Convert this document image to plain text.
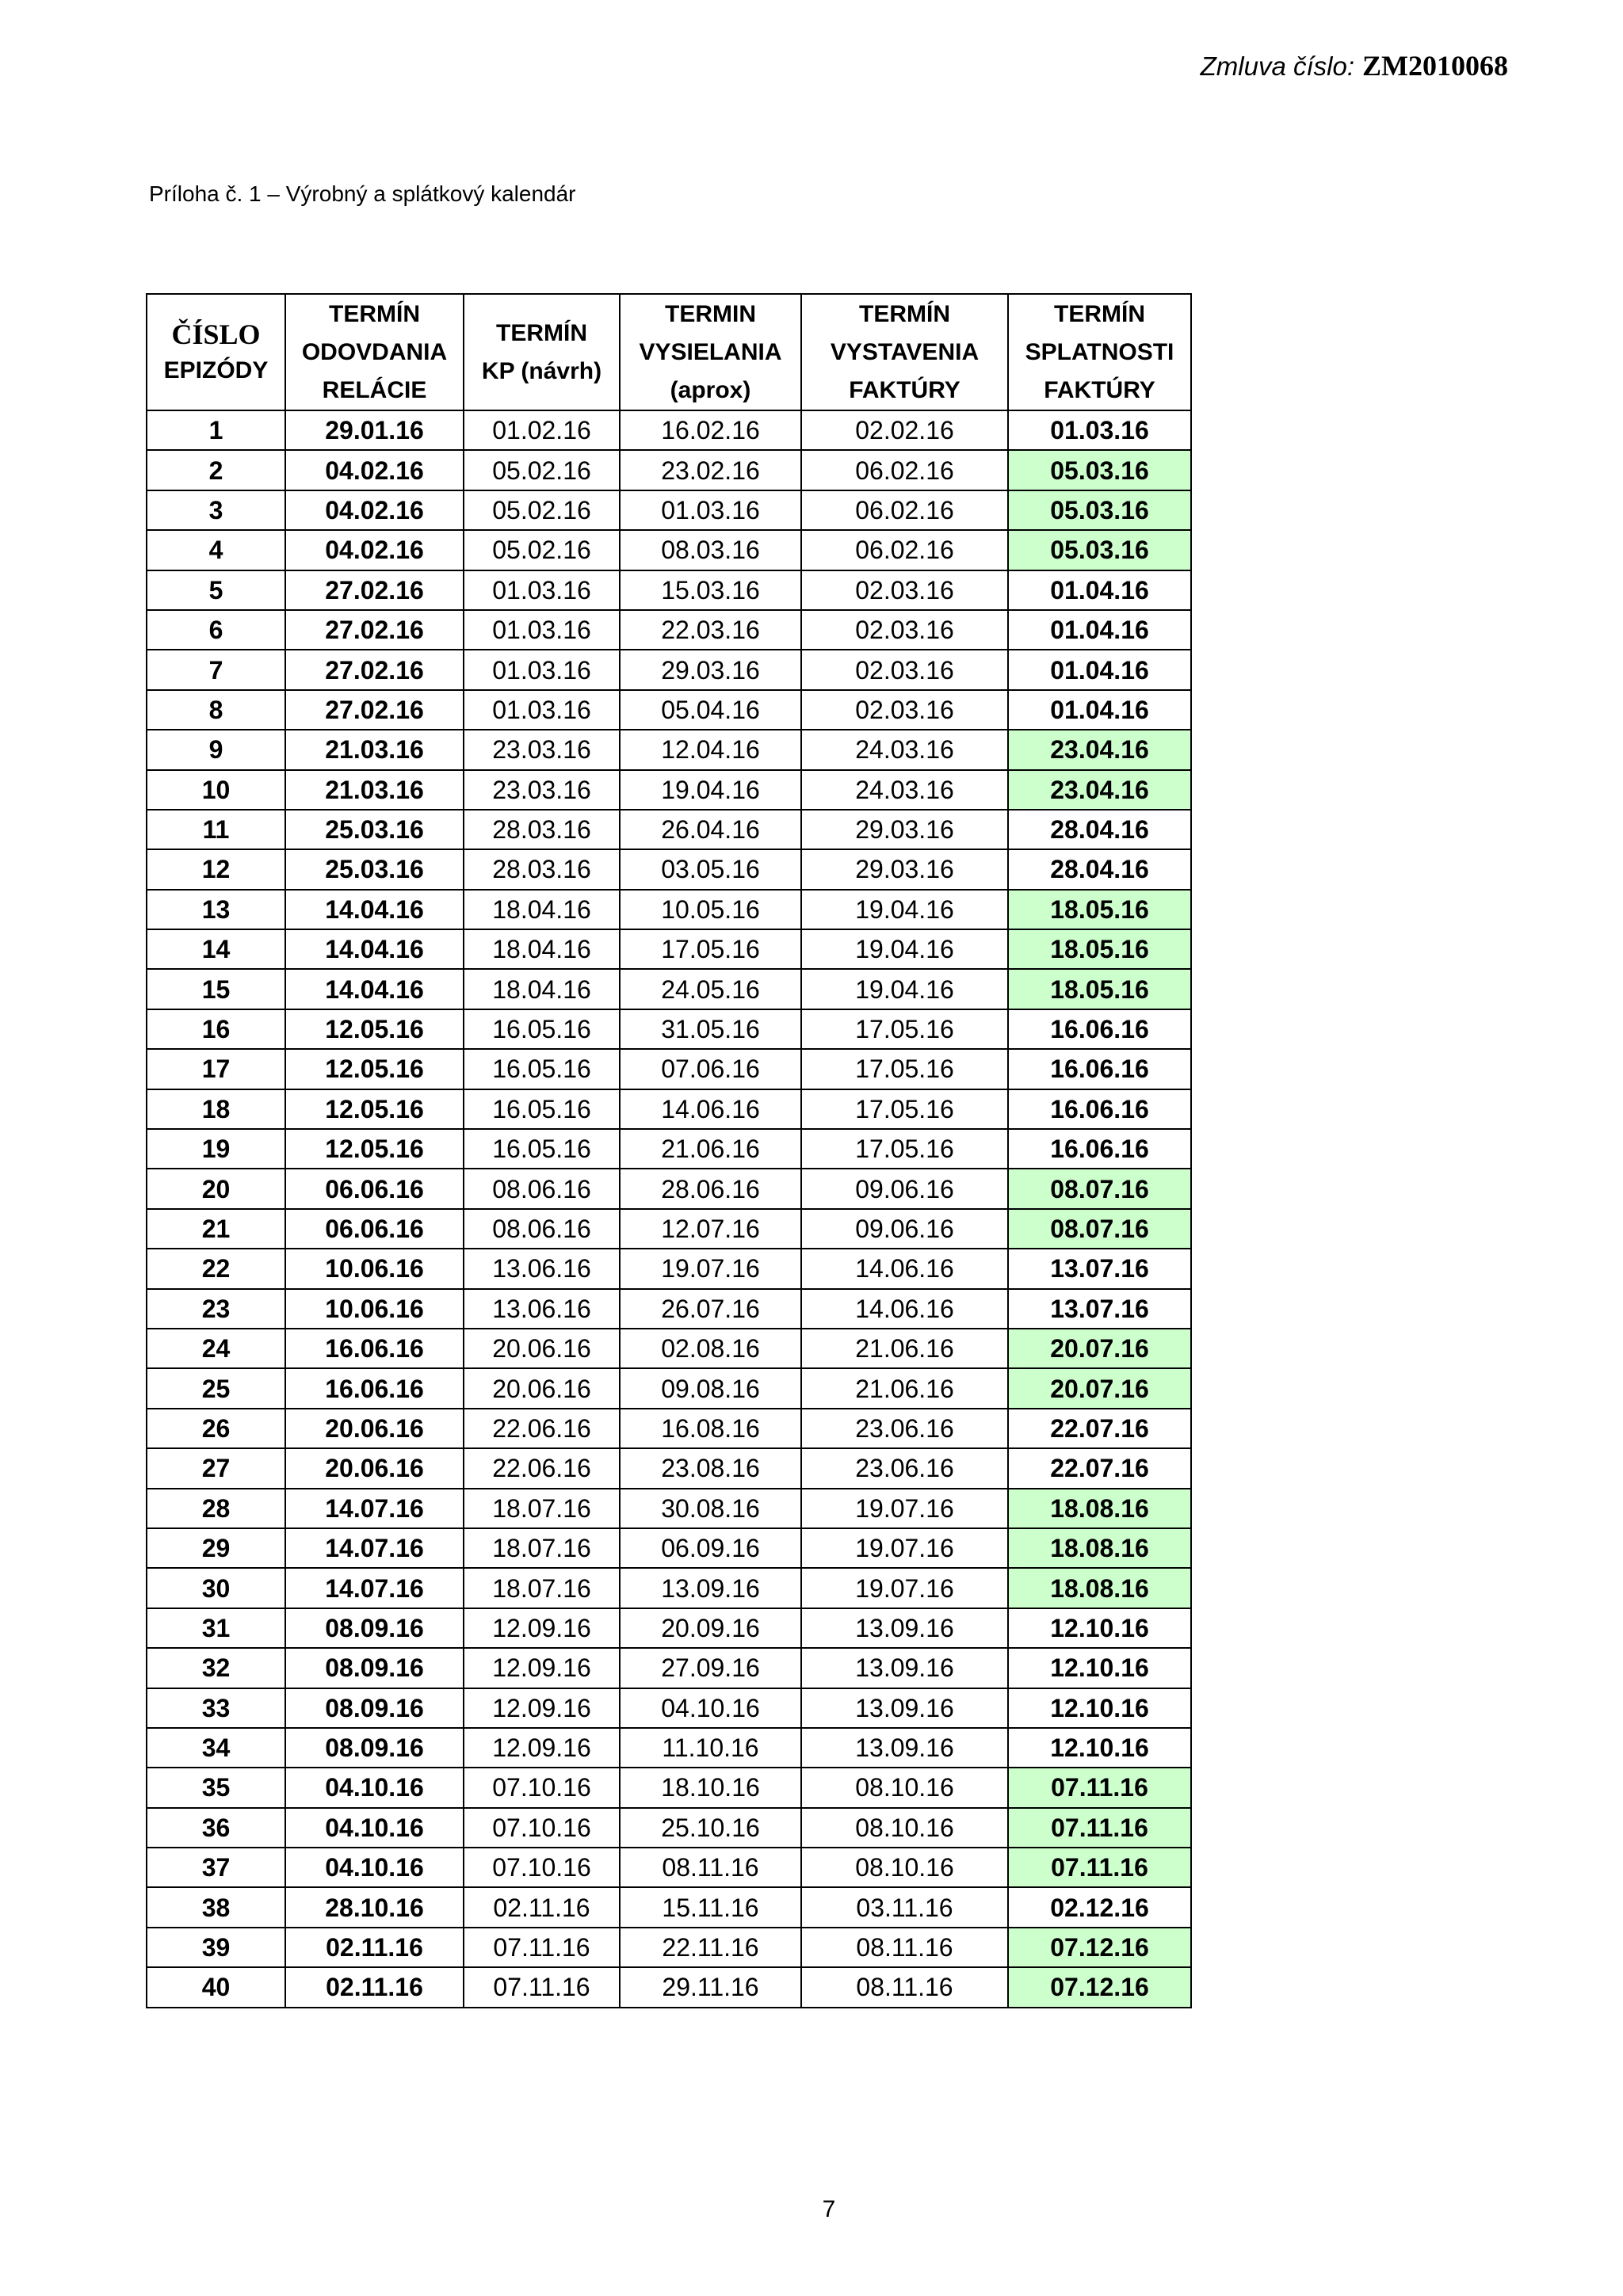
Zmluva číslo: ZM2010068
Príloha č. 1 – Výrobný a splátkový kalendár
ČÍSLO
EPIZÓDY	TERMÍN
ODOVDANIA
RELÁCIE	TERMÍN
KP (návrh)	TERMIN
VYSIELANIA
(aprox)	TERMÍN
VYSTAVENIA
FAKTÚRY	TERMÍN
SPLATNOSTI
FAKTÚRY

1	29.01.16	01.02.16	16.02.16	02.02.16	01.03.16
2	04.02.16	05.02.16	23.02.16	06.02.16	05.03.16
3	04.02.16	05.02.16	01.03.16	06.02.16	05.03.16
4	04.02.16	05.02.16	08.03.16	06.02.16	05.03.16
5	27.02.16	01.03.16	15.03.16	02.03.16	01.04.16
6	27.02.16	01.03.16	22.03.16	02.03.16	01.04.16
7	27.02.16	01.03.16	29.03.16	02.03.16	01.04.16
8	27.02.16	01.03.16	05.04.16	02.03.16	01.04.16
9	21.03.16	23.03.16	12.04.16	24.03.16	23.04.16
10	21.03.16	23.03.16	19.04.16	24.03.16	23.04.16
11	25.03.16	28.03.16	26.04.16	29.03.16	28.04.16
12	25.03.16	28.03.16	03.05.16	29.03.16	28.04.16
13	14.04.16	18.04.16	10.05.16	19.04.16	18.05.16
14	14.04.16	18.04.16	17.05.16	19.04.16	18.05.16
15	14.04.16	18.04.16	24.05.16	19.04.16	18.05.16
16	12.05.16	16.05.16	31.05.16	17.05.16	16.06.16
17	12.05.16	16.05.16	07.06.16	17.05.16	16.06.16
18	12.05.16	16.05.16	14.06.16	17.05.16	16.06.16
19	12.05.16	16.05.16	21.06.16	17.05.16	16.06.16
20	06.06.16	08.06.16	28.06.16	09.06.16	08.07.16
21	06.06.16	08.06.16	12.07.16	09.06.16	08.07.16
22	10.06.16	13.06.16	19.07.16	14.06.16	13.07.16
23	10.06.16	13.06.16	26.07.16	14.06.16	13.07.16
24	16.06.16	20.06.16	02.08.16	21.06.16	20.07.16
25	16.06.16	20.06.16	09.08.16	21.06.16	20.07.16
26	20.06.16	22.06.16	16.08.16	23.06.16	22.07.16
27	20.06.16	22.06.16	23.08.16	23.06.16	22.07.16
28	14.07.16	18.07.16	30.08.16	19.07.16	18.08.16
29	14.07.16	18.07.16	06.09.16	19.07.16	18.08.16
30	14.07.16	18.07.16	13.09.16	19.07.16	18.08.16
31	08.09.16	12.09.16	20.09.16	13.09.16	12.10.16
32	08.09.16	12.09.16	27.09.16	13.09.16	12.10.16
33	08.09.16	12.09.16	04.10.16	13.09.16	12.10.16
34	08.09.16	12.09.16	11.10.16	13.09.16	12.10.16
35	04.10.16	07.10.16	18.10.16	08.10.16	07.11.16
36	04.10.16	07.10.16	25.10.16	08.10.16	07.11.16
37	04.10.16	07.10.16	08.11.16	08.10.16	07.11.16
38	28.10.16	02.11.16	15.11.16	03.11.16	02.12.16
39	02.11.16	07.11.16	22.11.16	08.11.16	07.12.16
40	02.11.16	07.11.16	29.11.16	08.11.16	07.12.16
7
